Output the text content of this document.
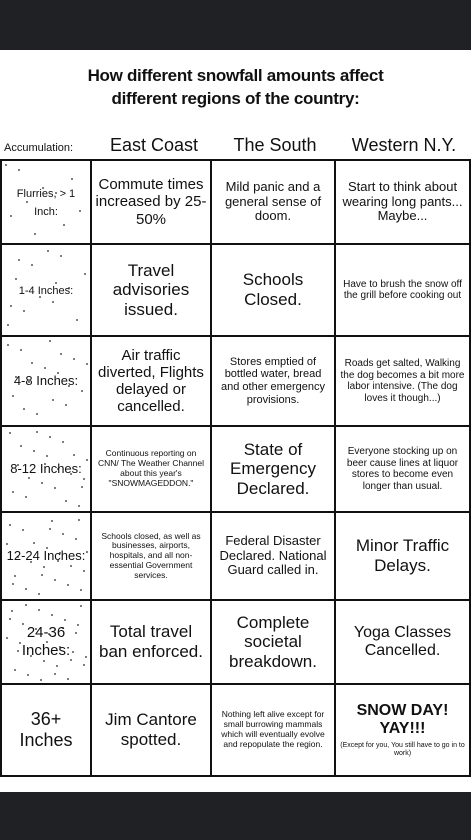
How different snowfall amounts affect
different regions of the country:
Accumulation:	East Coast	The South	Western N.Y.
Flurries, > 1 Inch:	Commute times increased by 25-50%	Mild panic and a general sense of doom.	Start to think about wearing long pants... Maybe...

1-4 Inches:	Travel advisories issued.	Schools Closed.	Have to brush the snow off the grill before cooking out

4-8 Inches:	Air traffic diverted, Flights delayed or cancelled.	Stores emptied of bottled water, bread and other emergency provisions.	Roads get salted, Walking the dog becomes a bit more labor intensive. (The dog loves it though...)

8-12 Inches:	Continuous reporting on CNN/ The Weather Channel about this year's "SNOWMAGEDDON."	State of Emergency Declared.	Everyone stocking up on beer cause lines at liquor stores to become even longer than usual.

12-24 Inches:	Schools closed, as well as businesses, airports, hospitals, and all non-essential Government services.	Federal Disaster Declared. National Guard called in.	Minor Traffic Delays.

24-36 Inches:	Total travel ban enforced.	Complete societal breakdown.	Yoga Classes Cancelled.
36+ Inches	Jim Cantore spotted.	Nothing left alive except for small burrowing mammals which will eventually evolve and repopulate the region.	SNOW DAY! YAY!!!
(Except for you, You still have to go in to work)
